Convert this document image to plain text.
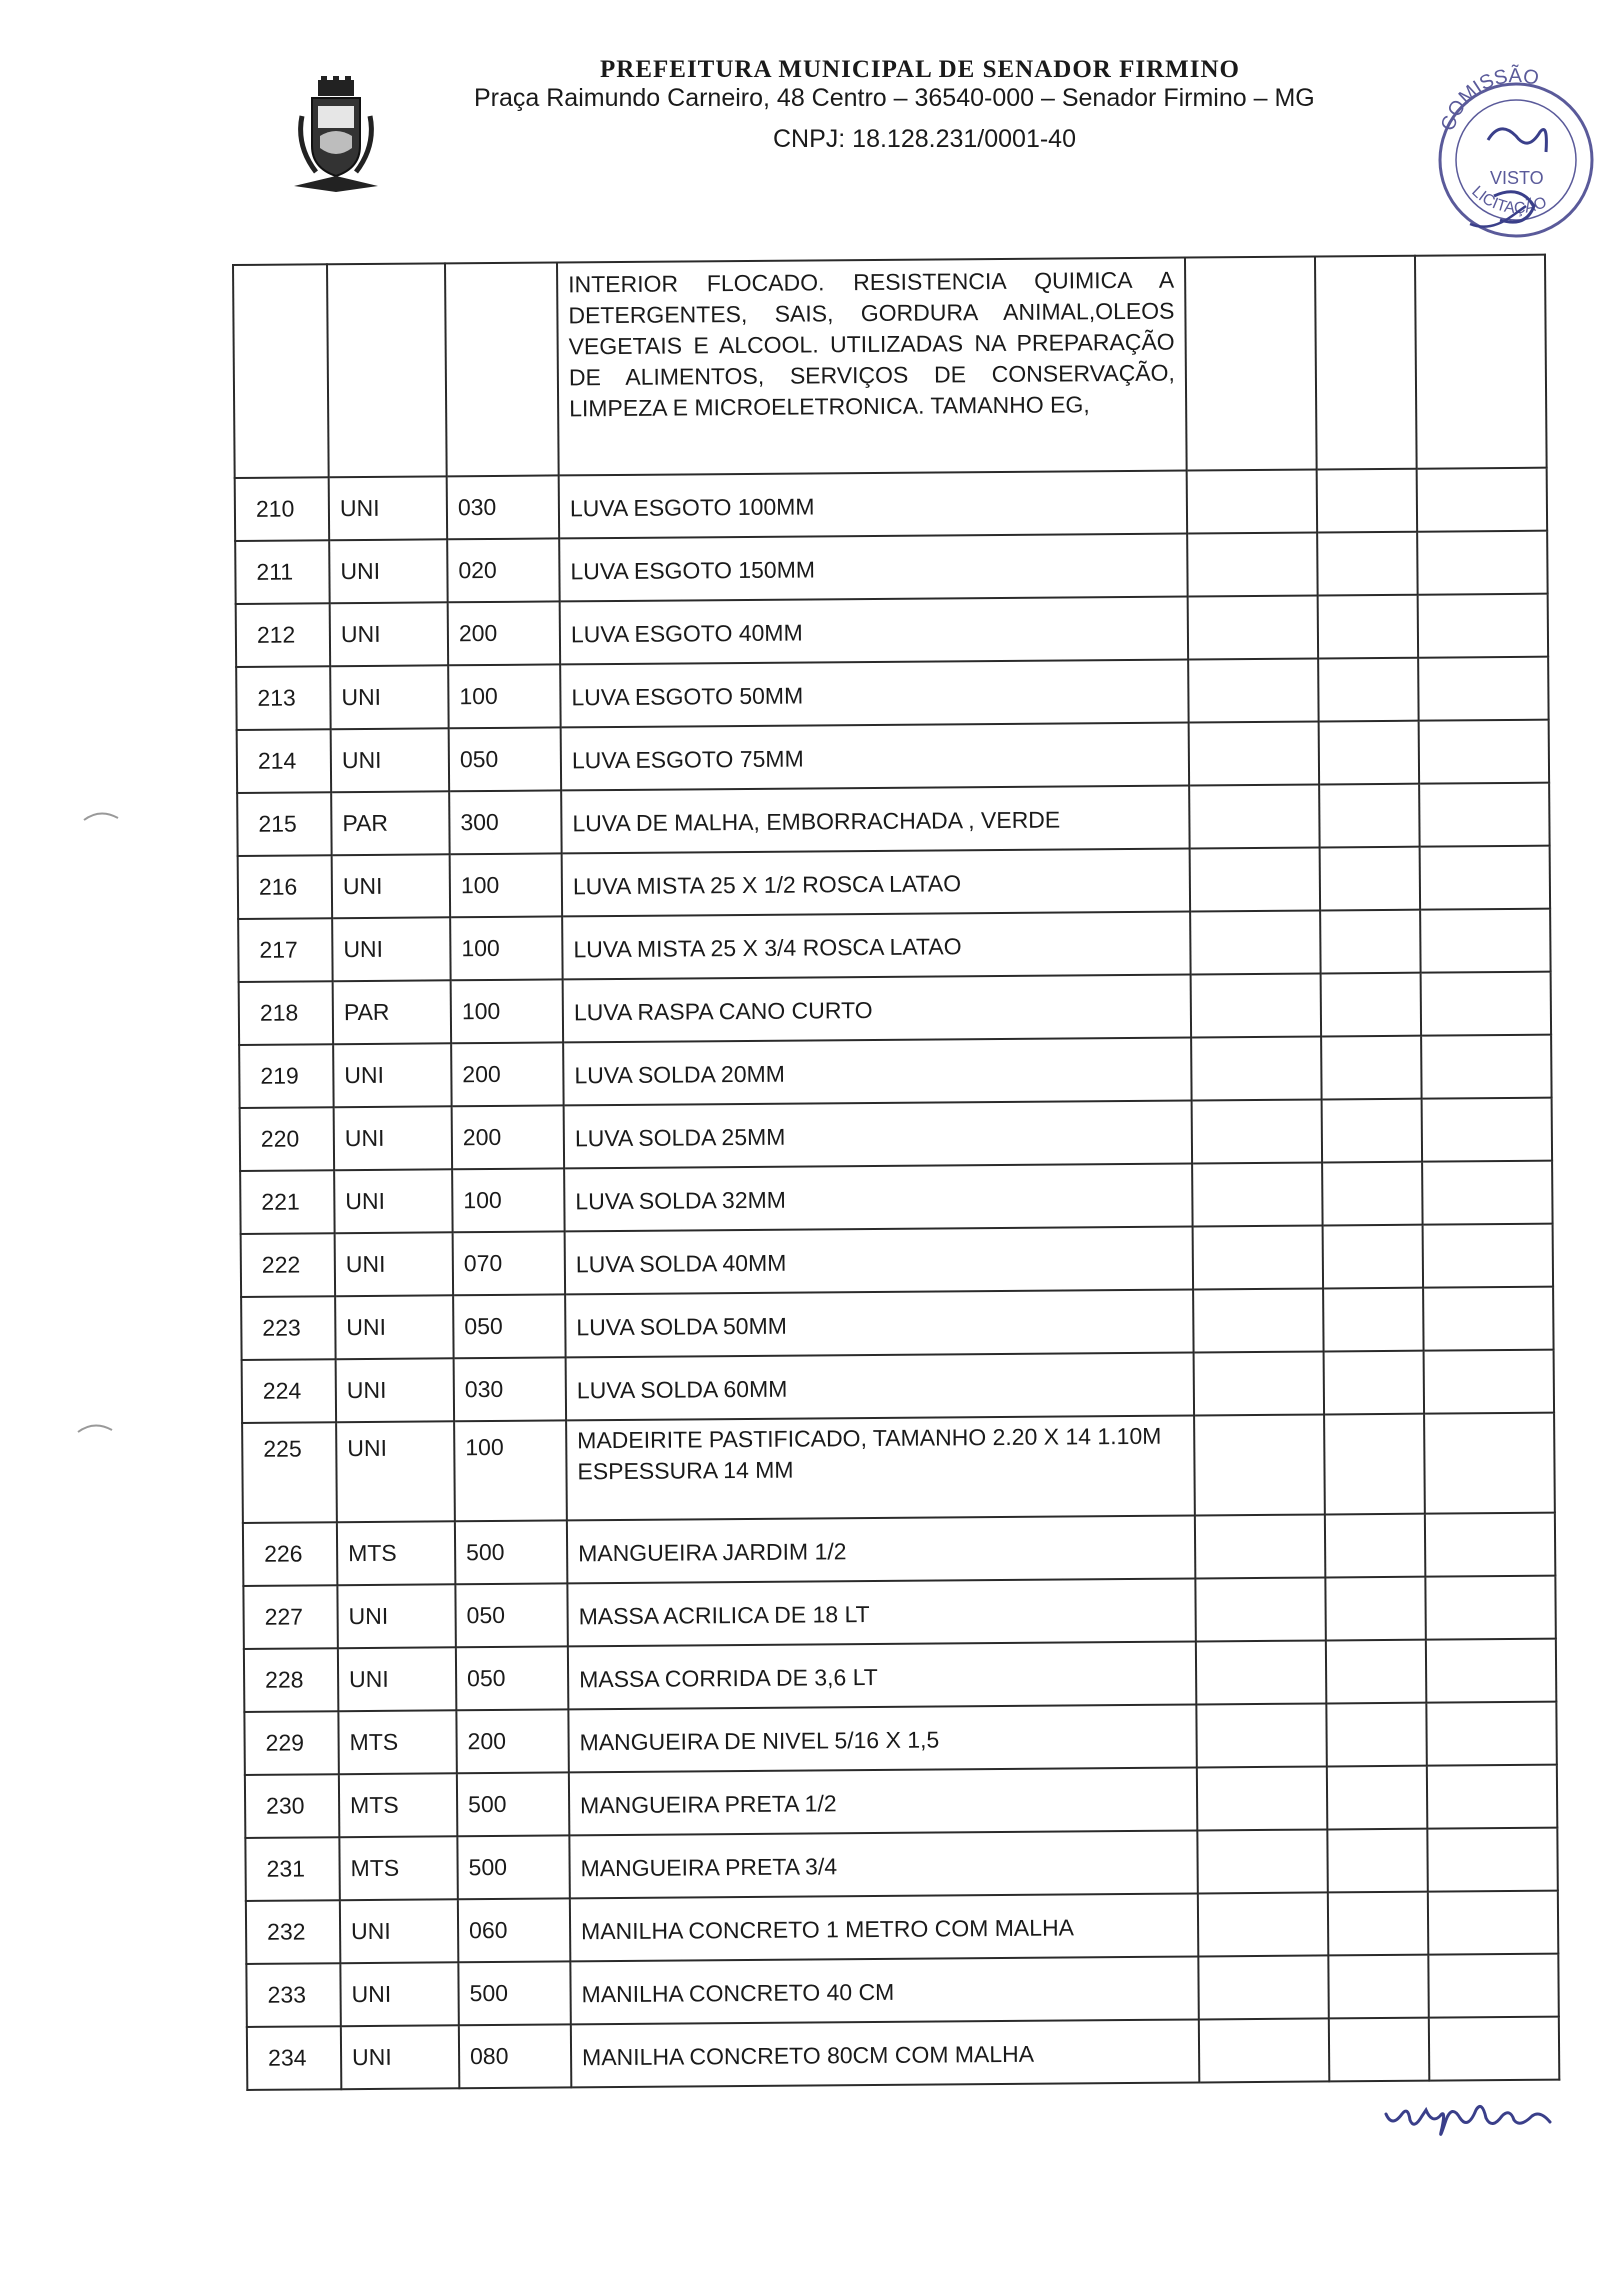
PREFEITURA MUNICIPAL DE SENADOR FIRMINO
Praça Raimundo Carneiro, 48 Centro – 36540-000 – Senador Firmino – MG
CNPJ: 18.128.231/0001-40
COMISSÃO
VISTO
LICITAÇÃO
			INTERIOR FLOCADO. RESISTENCIA QUIMICA A DETERGENTES, SAIS, GORDURA ANIMAL,OLEOS VEGETAIS E ALCOOL. UTILIZADAS NA PREPARAÇÃO DE ALIMENTOS, SERVIÇOS DE CONSERVAÇÃO, LIMPEZA E MICROELETRONICA. TAMANHO EG,			
210	UNI	030	LUVA ESGOTO 100MM			
211	UNI	020	LUVA ESGOTO 150MM			
212	UNI	200	LUVA ESGOTO 40MM			
213	UNI	100	LUVA ESGOTO 50MM			
214	UNI	050	LUVA ESGOTO 75MM			
215	PAR	300	LUVA DE MALHA, EMBORRACHADA , VERDE			
216	UNI	100	LUVA MISTA 25 X 1/2 ROSCA LATAO			
217	UNI	100	LUVA MISTA 25 X 3/4 ROSCA LATAO			
218	PAR	100	LUVA RASPA CANO CURTO			
219	UNI	200	LUVA SOLDA 20MM			
220	UNI	200	LUVA SOLDA 25MM			
221	UNI	100	LUVA SOLDA 32MM			
222	UNI	070	LUVA SOLDA 40MM			
223	UNI	050	LUVA SOLDA 50MM			
224	UNI	030	LUVA SOLDA 60MM			
225	UNI	100	MADEIRITE PASTIFICADO, TAMANHO 2.20 X 14 1.10M ESPESSURA 14 MM			
226	MTS	500	MANGUEIRA JARDIM 1/2			
227	UNI	050	MASSA ACRILICA DE 18 LT			
228	UNI	050	MASSA CORRIDA DE 3,6 LT			
229	MTS	200	MANGUEIRA DE NIVEL 5/16 X 1,5			
230	MTS	500	MANGUEIRA PRETA 1/2			
231	MTS	500	MANGUEIRA PRETA 3/4			
232	UNI	060	MANILHA CONCRETO 1 METRO COM MALHA			
233	UNI	500	MANILHA CONCRETO 40 CM			
234	UNI	080	MANILHA CONCRETO 80CM COM MALHA			
